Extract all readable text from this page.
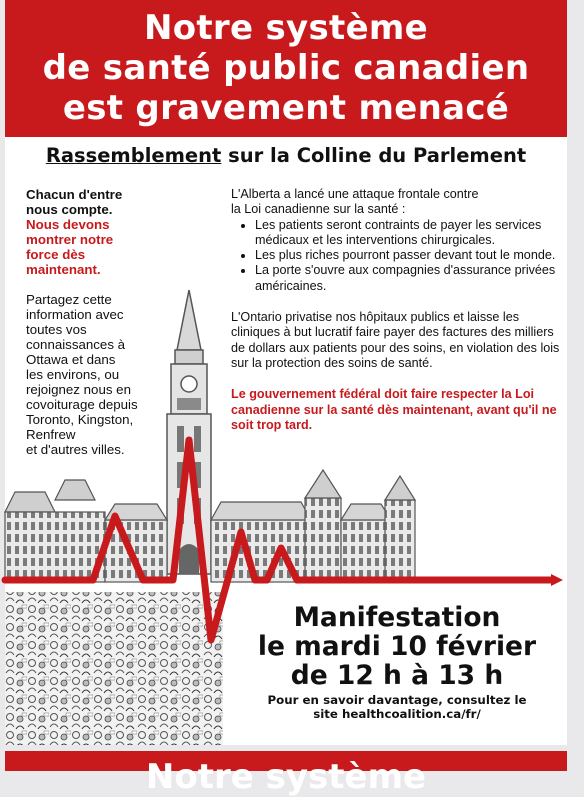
Notre système
de santé public canadien
est gravement menacé
Rassemblement sur la Colline du Parlement

Chacun d'entre

nous compte.

Nous devons

montrer notre

force dès

maintenant.

Partagez cette

information avec

toutes vos

connaissances à

Ottawa et dans

les environs, ou

rejoignez nous en

covoiturage depuis

Toronto, Kingston,

Renfrew

et d'autres villes.

L'Alberta a lancé une attaque frontale contre

la Loi canadienne sur la santé :

• Les patients seront contraints de payer les services médicaux et les interventions chirurgicales.
• Les plus riches pourront passer devant tout le monde.
• La porte s'ouvre aux compagnies d'assurance privées américaines.

L'Ontario privatise nos hôpitaux publics et laisse les cliniques à but lucratif faire payer des factures des milliers de dollars aux patients pour des soins, en violation des lois sur la protection des soins de santé.

Le gouvernement fédéral doit faire respecter la Loi canadienne sur la santé dès maintenant, avant qu'il ne soit trop tard.

Manifestation
le mardi 10 février
de 12 h à 13 h
Pour en savoir davantage, consultez le
site healthcoalition.ca/fr/
Notre système
